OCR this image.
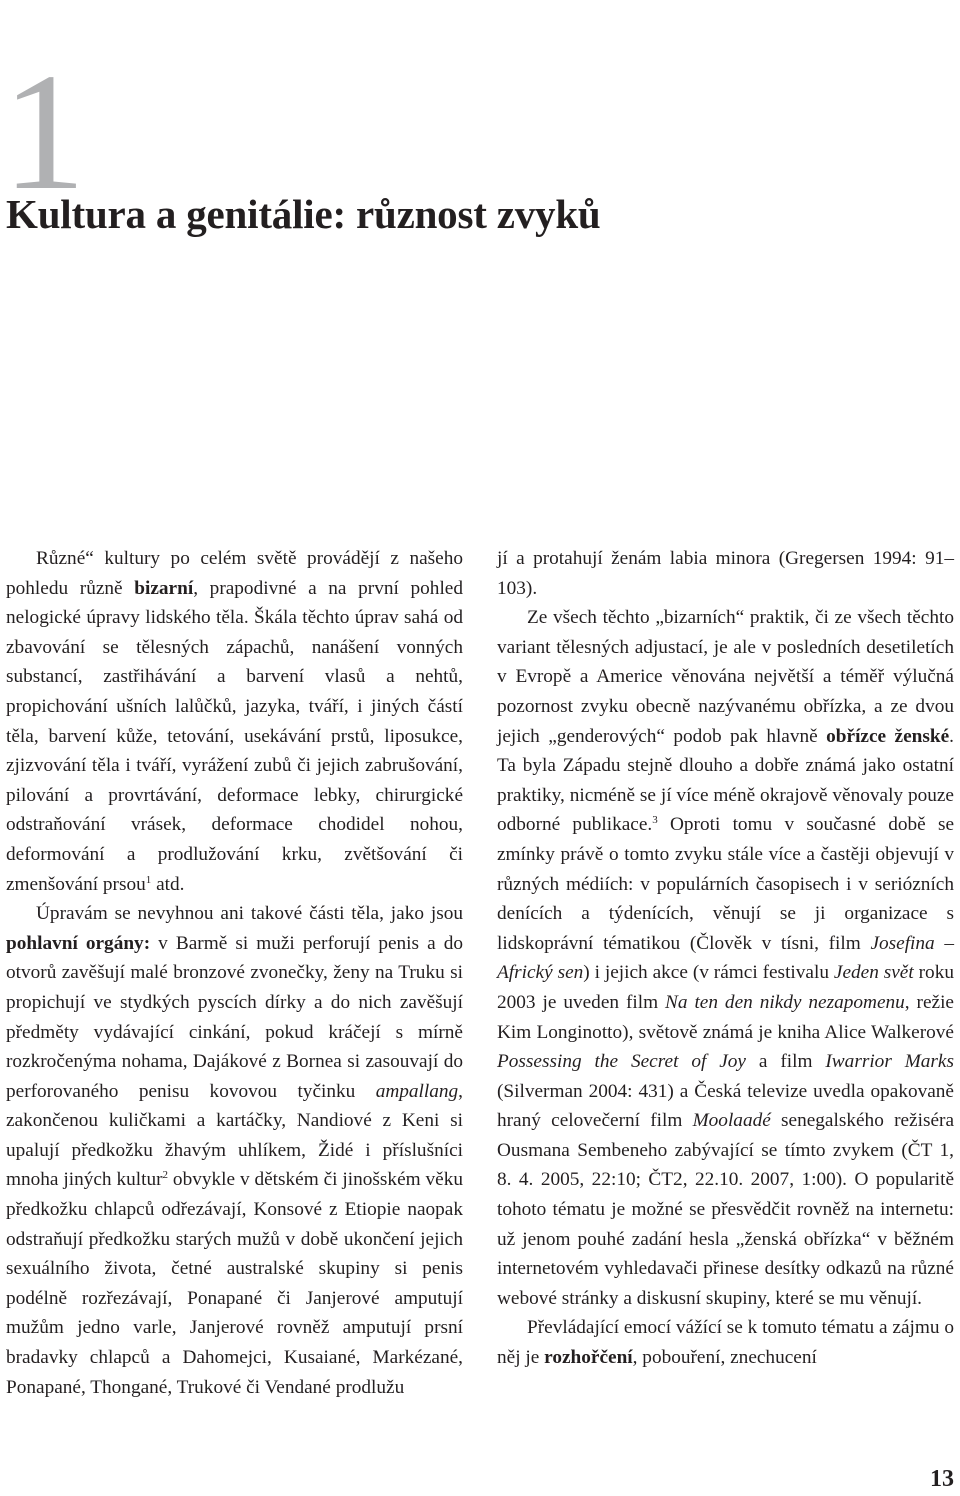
1
Kultura a genitálie: různost zvyků

Různé“ kultury po celém světě provádějí z našeho pohledu různě bizarní, prapodivné a na první pohled nelogické úpravy lidského těla. Škála těchto úprav sahá od zbavování se tělesných zápachů, nanášení vonných substancí, zastřihávání a barvení vlasů a nehtů, propichování ušních lalůčků, jazyka, tváří, i jiných částí těla, barvení kůže, tetování, usekávání prstů, liposukce, zjizvování těla i tváří, vyrážení zubů či jejich zabrušování, pilování a provrtávání, deformace lebky, chirurgické odstraňování vrásek, deformace chodidel nohou, deformování a prodlužování krku, zvětšování či zmenšování prsou$^1$ atd.

Úpravám se nevyhnou ani takové části těla, jako jsou pohlavní orgány: v Barmě si muži perforují penis a do otvorů zavěšují malé bronzové zvonečky, ženy na Truku si propichují ve stydkých pyscích dírky a do nich zavěšují předměty vydávající cinkání, pokud kráčejí s mírně rozkročenýma nohama, Dajákové z Bornea si zasouvají do perforovaného penisu kovovou tyčinku ampallang, zakončenou kuličkami a kartáčky, Nandiové z Keni si upalují předkožku žhavým uhlíkem, Židé i příslušníci mnoha jiných kultur$^2$ obvykle v dětském či jinošském věku předkožku chlapců odřezávají, Konsové z Etiopie naopak odstraňují předkožku starých mužů v době ukončení jejich sexuálního života, četné australské skupiny si penis podélně rozřezávají, Ponapané či Janjerové amputují mužům jedno varle, Janjerové rovněž amputují prsní bradavky chlapců a Dahomejci, Kusaiané, Markézané, Ponapané, Thongané, Trukové či Vendané prodlužu

jí a protahují ženám labia minora (Gregersen 1994: 91–103).

Ze všech těchto „bizarních“ praktik, či ze všech těchto variant tělesných adjustací, je ale v posledních desetiletích v Evropě a Americe věnována největší a téměř výlučná pozornost zvyku obecně nazývanému obřízka, a ze dvou jejich „genderových“ podob pak hlavně obřízce ženské. Ta byla Západu stejně dlouho a dobře známá jako ostatní praktiky, nicméně se jí více méně okrajově věnovaly pouze odborné publikace.$^3$ Oproti tomu v současné době se zmínky právě o tomto zvyku stále více a častěji objevují v různých médiích: v populárních časopisech i v seriózních denících a týdenících, věnují se ji organizace s lidskoprávní tématikou (Člověk v tísni, film Josefina – Africký sen) i jejich akce (v rámci festivalu Jeden svět roku 2003 je uveden film Na ten den nikdy nezapomenu, režie Kim Longinotto), světově známá je kniha Alice Walkerové Possessing the Secret of Joy a film Iwarrior Marks (Silverman 2004: 431) a Česká televize uvedla opakovaně hraný celovečerní film Moolaadé senegalského režiséra Ousmana Sembeneho zabývající se tímto zvykem (ČT 1, 8. 4. 2005, 22:10; ČT2, 22.10. 2007, 1:00). O popularitě tohoto tématu je možné se přesvědčit rovněž na internetu: už jenom pouhé zadání hesla „ženská obřízka“ v běžném internetovém vyhledavači přinese desítky odkazů na různé webové stránky a diskusní skupiny, které se mu věnují.

Převládající emocí vážící se k tomuto tématu a zájmu o něj je rozhořčení, pobouření, znechucení

13
